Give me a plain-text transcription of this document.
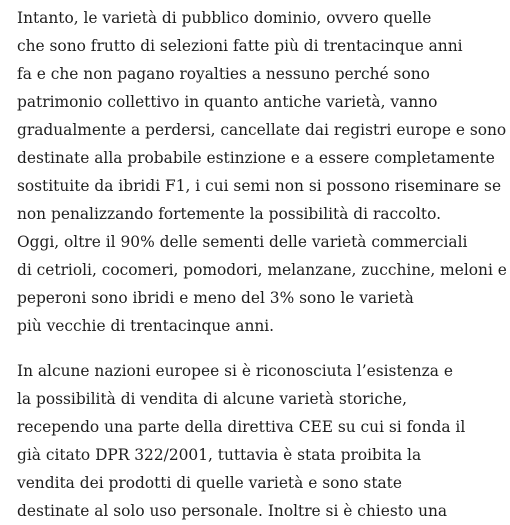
Intanto, le varietà di pubblico dominio, ovvero quelle
che sono frutto di selezioni fatte più di trentacinque anni
fa e che non pagano royalties a nessuno perché sono
patrimonio collettivo in quanto antiche varietà, vanno
gradualmente a perdersi, cancellate dai registri europe e sono
destinate alla probabile estinzione e a essere completamente
sostituite da ibridi F1, i cui semi non si possono riseminare se
non penalizzando fortemente la possibilità di raccolto.
Oggi, oltre il 90% delle sementi delle varietà commerciali
di cetrioli, cocomeri, pomodori, melanzane, zucchine, meloni e
peperoni sono ibridi e meno del 3% sono le varietà
più vecchie di trentacinque anni.

In alcune nazioni europee si è riconosciuta l’esistenza e
la possibilità di vendita di alcune varietà storiche,
recependo una parte della direttiva CEE su cui si fonda il
già citato DPR 322/2001, tuttavia è stata proibita la
vendita dei prodotti di quelle varietà e sono state
destinate al solo uso personale. Inoltre si è chiesto una
